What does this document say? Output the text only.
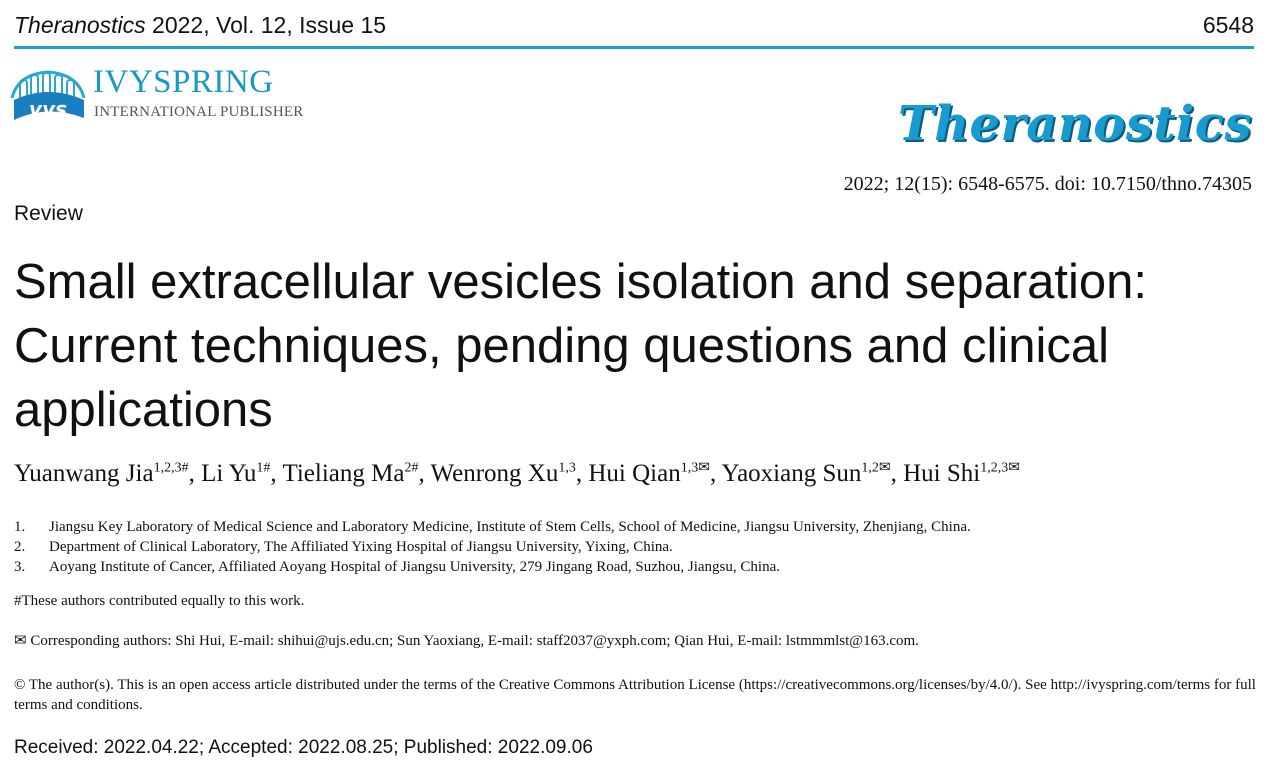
Theranostics 2022, Vol. 12, Issue 15	6548
vys
IVYSPRING
INTERNATIONAL PUBLISHER	Theranostics
2022; 12(15): 6548-6575. doi: 10.7150/thno.74305
Review
Small extracellular vesicles isolation and separation: Current techniques, pending questions and clinical applications
Yuanwang Jia$^{1,2,3\#}$, Li $Yu^{1\#}$, Tieliang $Ma^{2\#}$, Wenrong Xu$^{1,3}$, Hui Qian$^{1,3✉}$, Yaoxiang Sun$^{1,2✉}$, Hui Shi$^{1,2,3✉}$
1.	Jiangsu Key Laboratory of Medical Science and Laboratory Medicine, Institute of Stem Cells, School of Medicine, Jiangsu University, Zhenjiang, China.
2.	Department of Clinical Laboratory, The Affiliated Yixing Hospital of Jiangsu University, Yixing, China.
3.	Aoyang Institute of Cancer, Affiliated Aoyang Hospital of Jiangsu University, 279 Jingang Road, Suzhou, Jiangsu, China.
#These authors contributed equally to this work.
✉ Corresponding authors: Shi Hui, E-mail: shihui@ujs.edu.cn; Sun Yaoxiang, E-mail: staff2037@yxph.com; Qian Hui, E-mail: lstmmmlst@163.com.
© The author(s). This is an open access article distributed under the terms of the Creative Commons Attribution License (https://creativecommons.org/licenses/by/4.0/). See http://ivyspring.com/terms for full terms and conditions.
Received: 2022.04.22; Accepted: 2022.08.25; Published: 2022.09.06
